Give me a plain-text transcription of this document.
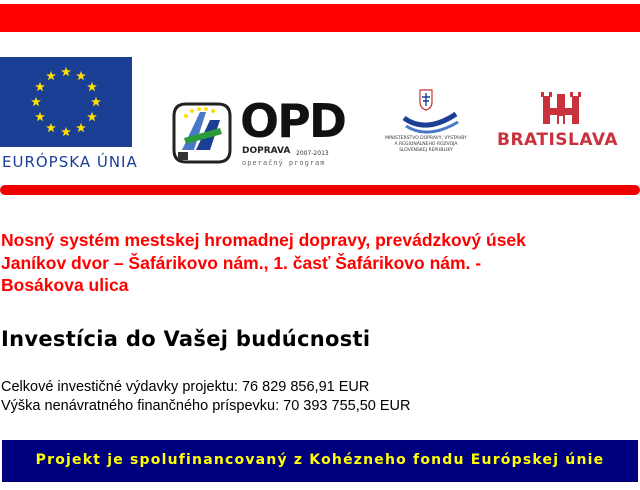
EURÓPSKA ÚNIA
OPD
DOPRAVA 2007-2013
operačný program
MINISTERSTVO DOPRAVY, VÝSTAVBY
A REGIONÁLNEHO ROZVOJA
SLOVENSKEJ REPUBLIKY
BRATISLAVA
Nosný systém mestskej hromadnej dopravy, prevádzkový úsek
Janíkov dvor – Šafárikovo nám., 1. časť Šafárikovo nám. -
Bosákova ulica
Investícia do Vašej budúcnosti
Celkové investičné výdavky projektu: 76 829 856,91 EUR
Výška nenávratného finančného príspevku: 70 393 755,50 EUR
Projekt je spolufinancovaný z Kohézneho fondu Európskej únie
